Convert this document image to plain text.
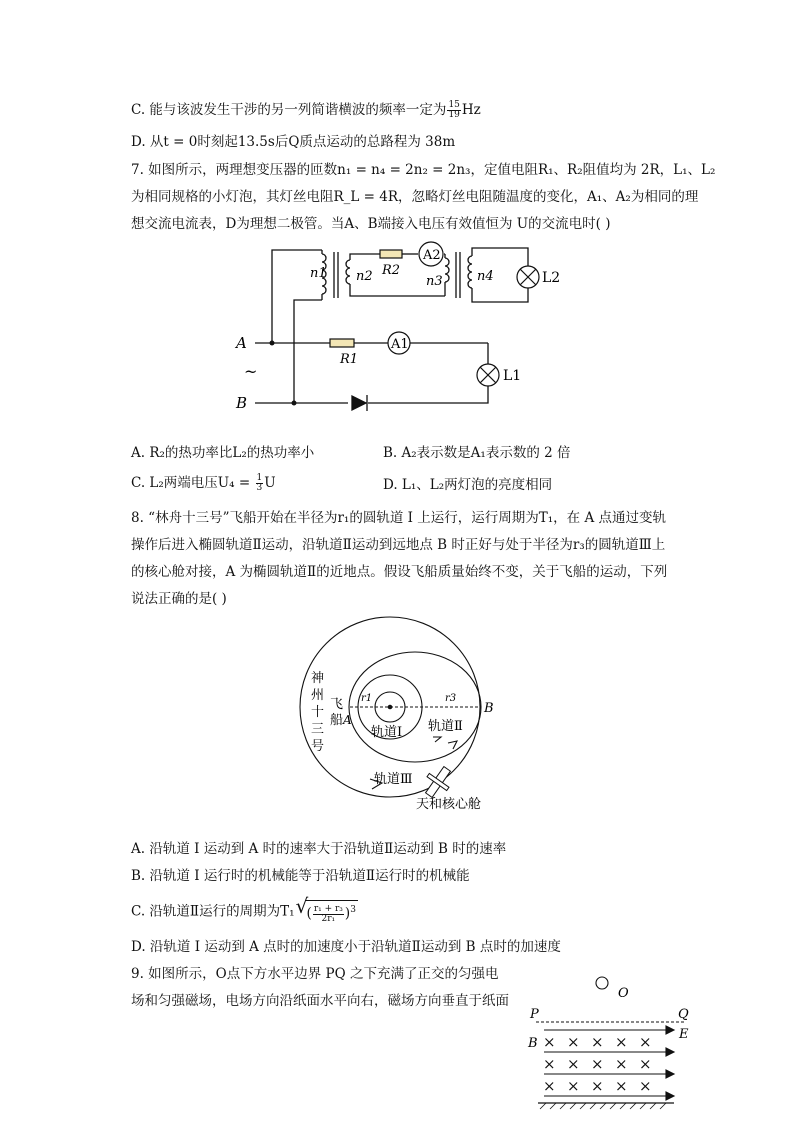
C. 能与该波发生干涉的另一列简谐横波的频率一定为 $\frac{15}{19}$ Hz
D. 从t = 0时刻起13.5s后Q质点运动的总路程为 38m
7. 如图所示，两理想变压器的匝数n₁ = n₄ = 2n₂ = 2n₃，定值电阻R₁、R₂阻值均为 2R，L₁、L₂
为相同规格的小灯泡，其灯丝电阻R_L = 4R，忽略灯丝电阻随温度的变化，A₁、A₂为相同的理
想交流电流表，D为理想二极管。当A、B端接入电压有效值恒为 U的交流电时( )
n1 n2 R2
A2
n3	n4	L2
A
~
B
R1
A1
L1
A. R₂的热功率比L₂的热功率小	B. A₂表示数是A₁表示数的 2 倍
C. L₂两端电压$U_4 = \frac{1}{3}$ U	D. L₁、L₂两灯泡的亮度相同
8. “林舟十三号”飞船开始在半径为r₁的圆轨道 I 上运行，运行周期为T₁，在 A 点通过变轨
操作后进入椭圆轨道Ⅱ运动，沿轨道Ⅱ运动到远地点 B 时正好与处于半径为r₃的圆轨道Ⅲ上
的核心舱对接，A 为椭圆轨道Ⅱ的近地点。假设飞船质量始终不变，关于飞船的运动，下列
说法正确的是( )
神
州
十
三
号
飞
船 A
r1	r3
B
轨道I 轨道Ⅱ
轨道Ⅲ
天和核心舱
A. 沿轨道 I 运动到 A 时的速率大于沿轨道Ⅱ运动到 B 时的速率
B. 沿轨道 I 运行时的机械能等于沿轨道Ⅱ运行时的机械能
C. 沿轨道Ⅱ运行的周期为T₁ √
( $\frac{\text{r₁ + r₃}}{\text{2r₁}} )^3$
D. 沿轨道 I 运动到 A 点时的加速度小于沿轨道Ⅱ运动到 B 点时的加速度
9. 如图所示，O点下方水平边界 PQ 之下充满了正交的匀强电
场和匀强磁场，电场方向沿纸面水平向右，磁场方向垂直于纸面	O
P	Q
B
E
× × × × ×
× × × × ×
× × × × ×
